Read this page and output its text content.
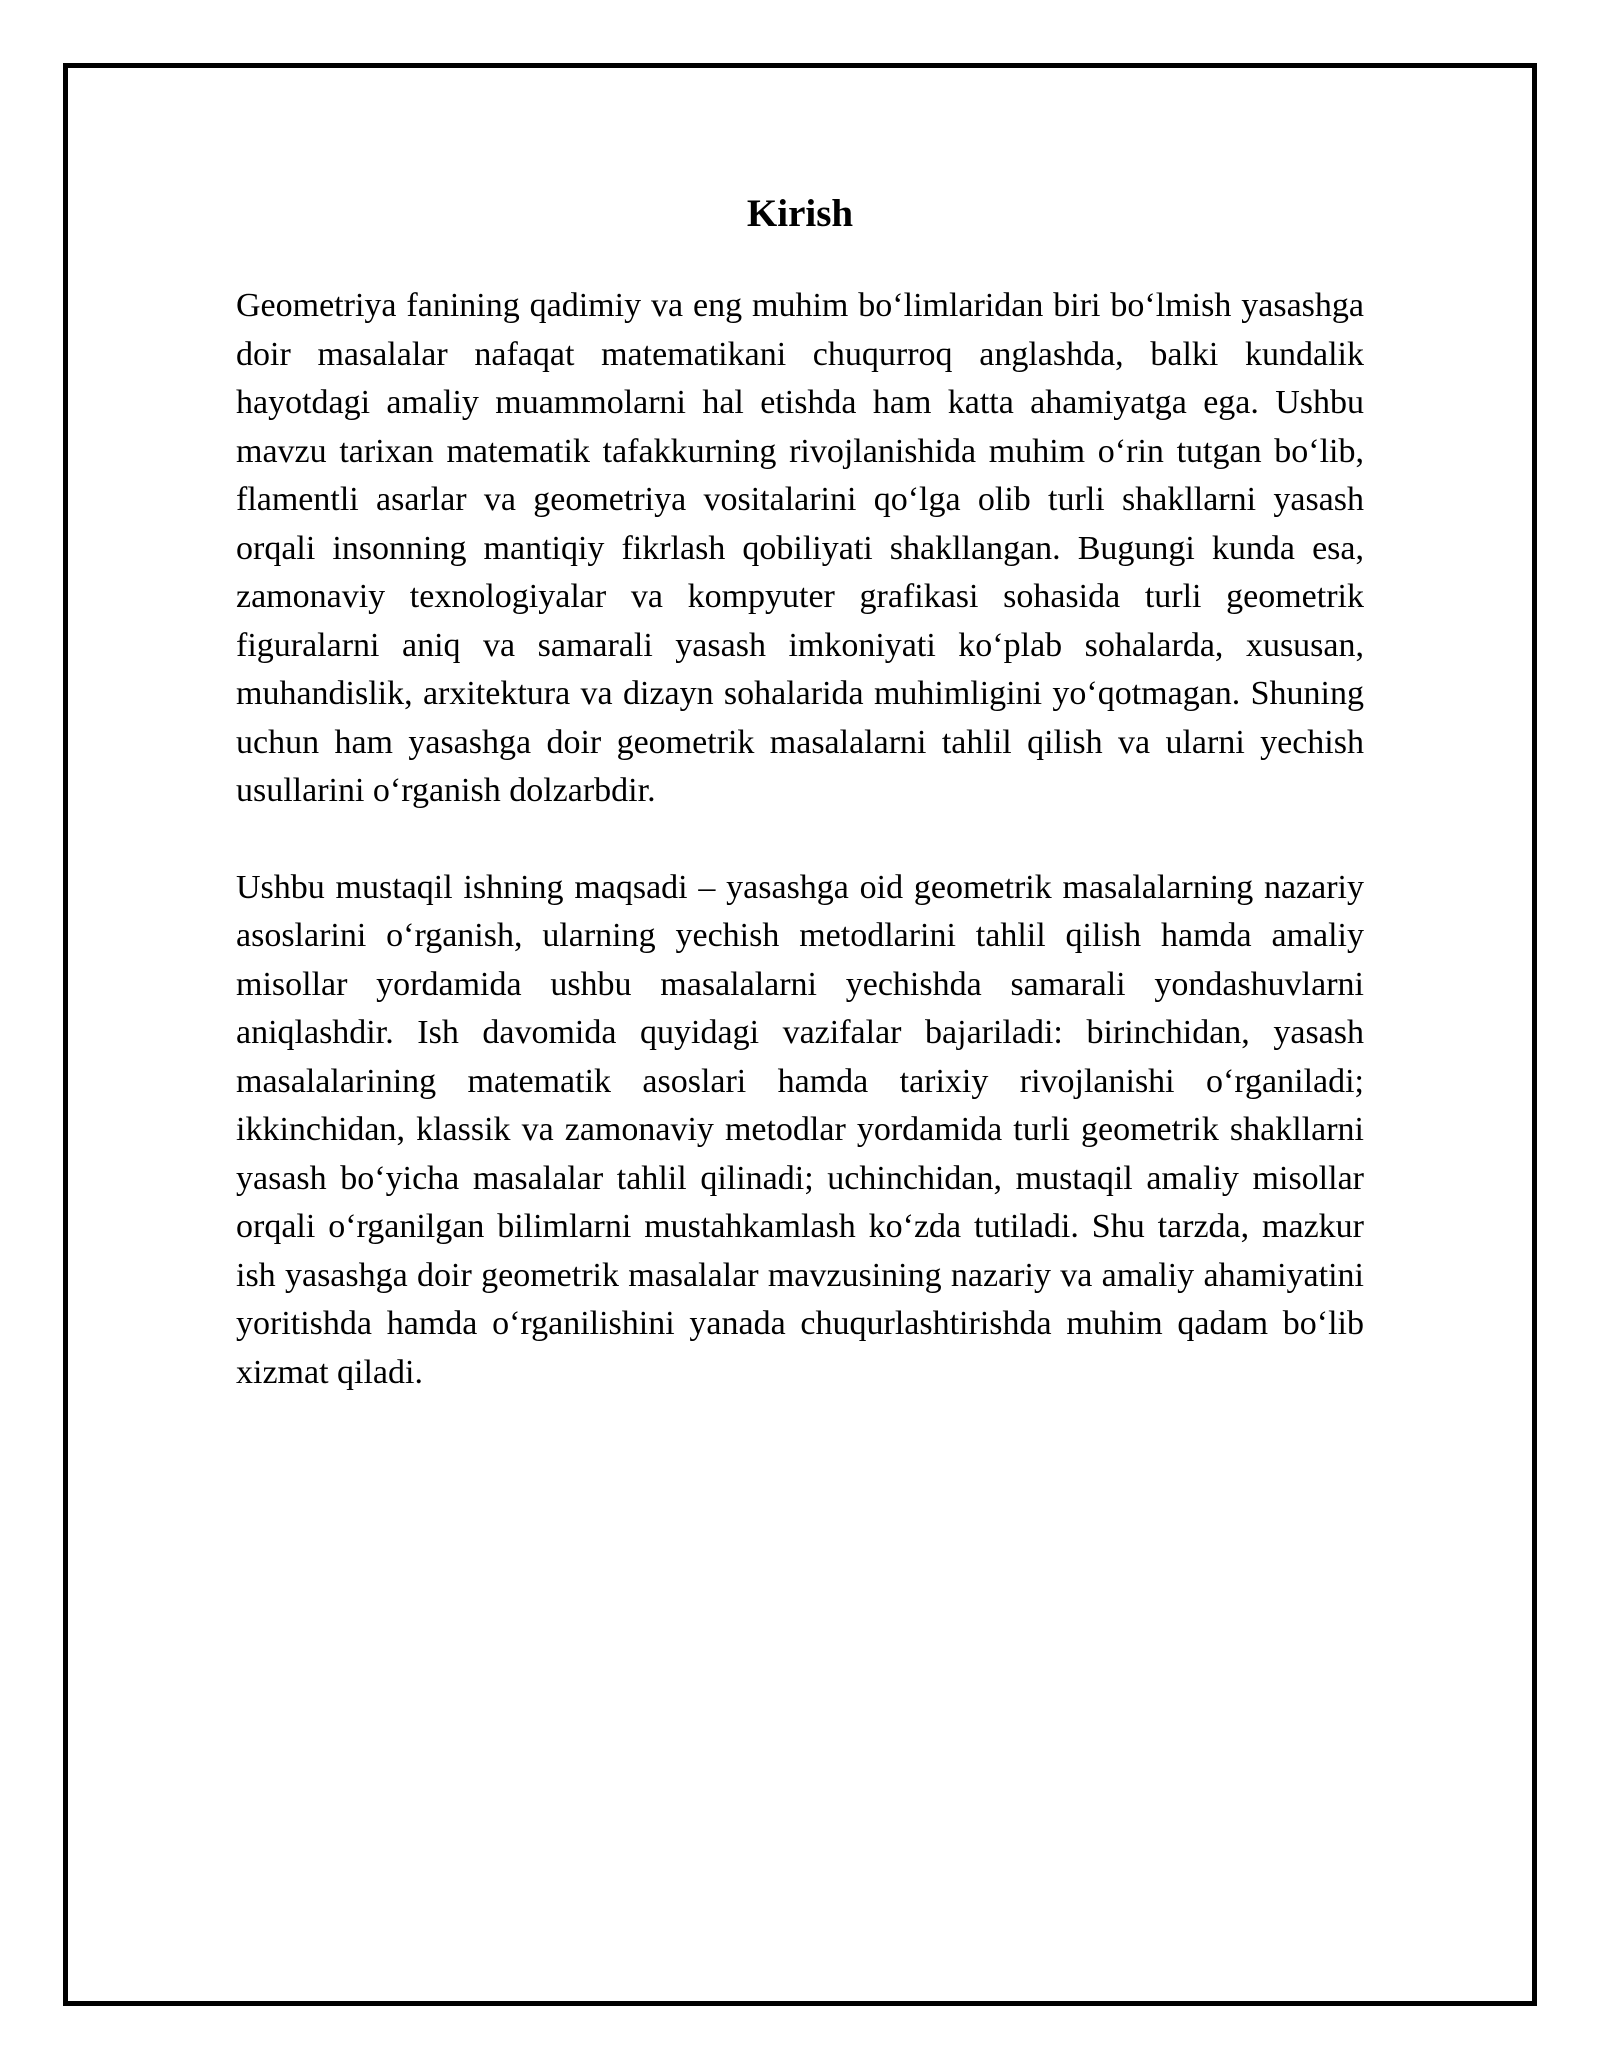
Kirish

Geometriya fanining qadimiy va eng muhim bo‘limlaridan biri bo‘lmish yasashga doir masalalar nafaqat matematikani chuqurroq anglashda, balki kundalik hayotdagi amaliy muammolarni hal etishda ham katta ahamiyatga ega. Ushbu mavzu tarixan matematik tafakkurning rivojlanishida muhim o‘rin tutgan bo‘lib, flamentli asarlar va geometriya vositalarini qo‘lga olib turli shakllarni yasash orqali insonning mantiqiy fikrlash qobiliyati shakllangan. Bugungi kunda esa, zamonaviy texnologiyalar va kompyuter grafikasi sohasida turli geometrik figuralarni aniq va samarali yasash imkoniyati ko‘plab sohalarda, xususan, muhandislik, arxitektura va dizayn sohalarida muhimligini yo‘qotmagan. Shuning uchun ham yasashga doir geometrik masalalarni tahlil qilish va ularni yechish usullarini o‘rganish dolzarbdir.

Ushbu mustaqil ishning maqsadi – yasashga oid geometrik masalalarning nazariy asoslarini o‘rganish, ularning yechish metodlarini tahlil qilish hamda amaliy misollar yordamida ushbu masalalarni yechishda samarali yondashuvlarni aniqlashdir. Ish davomida quyidagi vazifalar bajariladi: birinchidan, yasash masalalarining matematik asoslari hamda tarixiy rivojlanishi o‘rganiladi; ikkinchidan, klassik va zamonaviy metodlar yordamida turli geometrik shakllarni yasash bo‘yicha masalalar tahlil qilinadi; uchinchidan, mustaqil amaliy misollar orqali o‘rganilgan bilimlarni mustahkamlash ko‘zda tutiladi. Shu tarzda, mazkur ish yasashga doir geometrik masalalar mavzusining nazariy va amaliy ahamiyatini yoritishda hamda o‘rganilishini yanada chuqurlashtirishda muhim qadam bo‘lib xizmat qiladi.
